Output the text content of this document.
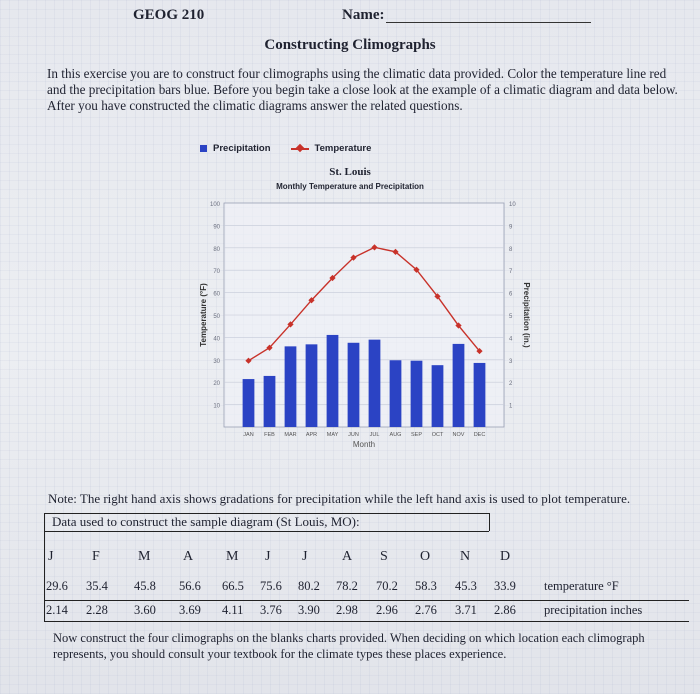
GEOG 210	Name:
Constructing Climographs
In this exercise you are to construct four climographs using the climatic data provided. Color the temperature line red and the precipitation bars blue. Before you begin take a close look at the example of a climatic diagram and data below. After you have constructed the climatic diagrams answer the related questions.
Precipitation	Temperature
St. Louis
Monthly Temperature and Precipitation
100
90
80
70
60
50
40
30
20
10
10
9
8
7
6
5
4
3
2
1
Temperature (°F)	Precipitation (in.)
JAN FEB MAR APR MAY JUN JUL AUG SEP OCT NOV DEC
Month
Note: The right hand axis shows gradations for precipitation while the left hand axis is used to plot temperature.
Data used to construct the sample diagram (St Louis, MO):
J	F	M A M J J A S O N D
29.6 35.4 45.8 56.6 66.5 75.6 80.2 78.2 70.2 58.3 45.3 33.9 temperature °F
2.14 2.28 3.60 3.69 4.11 3.76 3.90 2.98 2.96 2.76 3.71 2.86 precipitation inches
Now construct the four climographs on the blanks charts provided. When deciding on which location each climograph represents, you should consult your textbook for the climate types these places experience.
